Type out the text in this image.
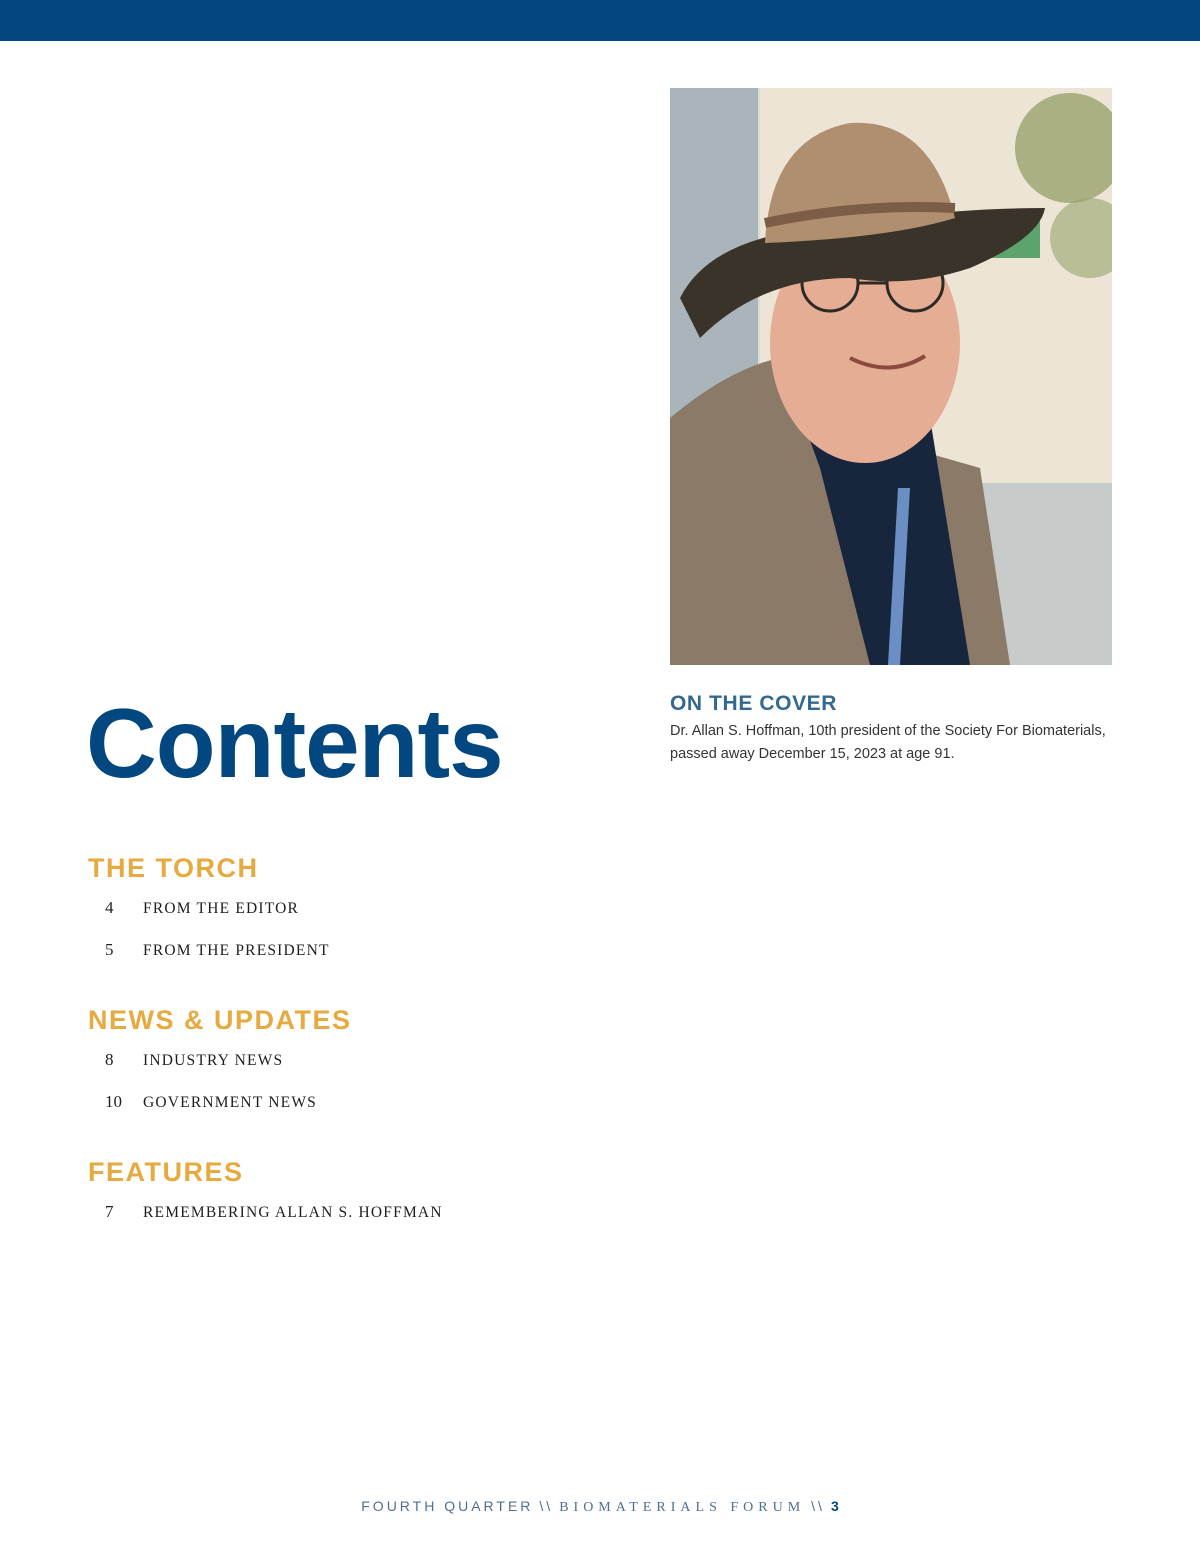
ON THE COVER

Dr. Allan S. Hoffman, 10th president of the Society For Biomaterials, passed away December 15, 2023 at age 91.

Contents
THE TORCH
4	FROM THE EDITOR
5	FROM THE PRESIDENT
NEWS & UPDATES
8	INDUSTRY NEWS
10	GOVERNMENT NEWS
FEATURES
7	REMEMBERING ALLAN S. HOFFMAN
FOURTH QUARTER \\ BIOMATERIALS FORUM \\ 3
